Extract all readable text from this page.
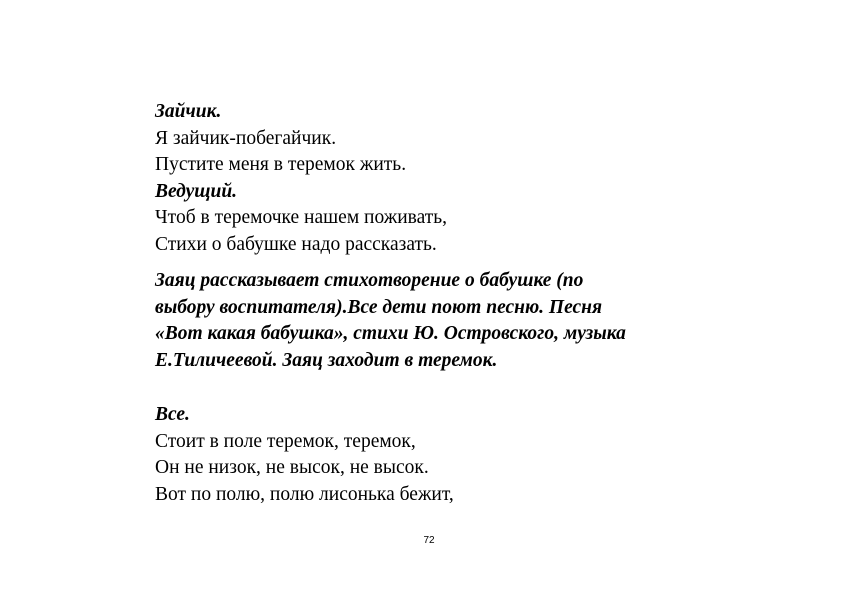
Зайчик.
Я зайчик-побегайчик.
Пустите меня в теремок жить.
Ведущий.
Чтоб в теремочке нашем поживать,
Стихи о бабушке надо рассказать.
Заяц рассказывает стихотворение о бабушке (по
выбору воспитателя).Все дети поют песню. Песня
«Вот какая бабушка», стихи Ю. Островского, музыка
Е.Тиличеевой. Заяц заходит в теремок.
Все.
Стоит в поле теремок, теремок,
Он не низок, не высок, не высок.
Вот по полю, полю лисонька бежит,
72
